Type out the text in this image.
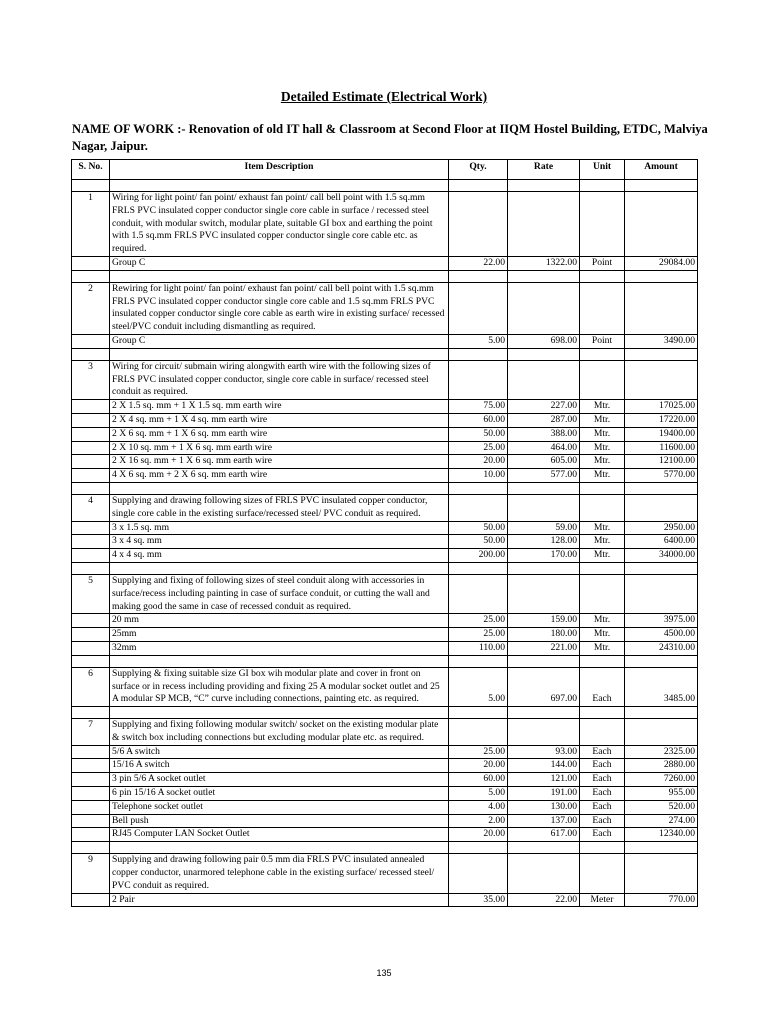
Detailed Estimate (Electrical Work)

NAME OF WORK :- Renovation of old IT hall & Classroom at Second Floor at IIQM Hostel Building, ETDC, Malviya Nagar, Jaipur.

S. No.	Item Description	Qty.	Rate	Unit	Amount

1	Wiring for light point/ fan point/ exhaust fan point/ call bell point with 1.5 sq.mm FRLS PVC insulated copper conductor single core cable in surface / recessed steel conduit, with modular switch, modular plate, suitable GI box and earthing the point with 1.5 sq.mm FRLS PVC insulated copper conductor single core cable etc. as required.				
	Group C	22.00	1322.00	Point	29084.00

2	Rewiring for light point/ fan point/ exhaust fan point/ call bell point with 1.5 sq.mm FRLS PVC insulated copper conductor single core cable and 1.5 sq.mm FRLS PVC insulated copper conductor single core cable as earth wire in existing surface/ recessed steel/PVC conduit including dismantling as required.				
	Group C	5.00	698.00	Point	3490.00

3	Wiring for circuit/ submain wiring alongwith earth wire with the following sizes of FRLS PVC insulated copper conductor, single core cable in surface/ recessed steel conduit as required.				
	2 X 1.5 sq. mm + 1 X 1.5 sq. mm earth wire	75.00	227.00	Mtr.	17025.00
	2 X 4 sq. mm + 1 X 4 sq. mm earth wire	60.00	287.00	Mtr.	17220.00
	2 X 6 sq. mm + 1 X 6 sq. mm earth wire	50.00	388.00	Mtr.	19400.00
	2 X 10 sq. mm + 1 X 6 sq. mm earth wire	25.00	464.00	Mtr.	11600.00
	2 X 16 sq. mm + 1 X 6 sq. mm earth wire	20.00	605.00	Mtr.	12100.00
	4 X 6 sq. mm + 2 X 6 sq. mm earth wire	10.00	577.00	Mtr.	5770.00

4	Supplying and drawing following sizes of FRLS PVC insulated copper conductor, single core cable in the existing surface/recessed steel/ PVC conduit as required.				
	3 x 1.5 sq. mm	50.00	59.00	Mtr.	2950.00
	3 x 4 sq. mm	50.00	128.00	Mtr.	6400.00
	4 x 4 sq. mm	200.00	170.00	Mtr.	34000.00

5	Supplying and fixing of following sizes of steel conduit along with accessories in surface/recess including painting in case of surface conduit, or cutting the wall and making good the same in case of recessed conduit as required.				
	20 mm	25.00	159.00	Mtr.	3975.00
	25mm	25.00	180.00	Mtr.	4500.00
	32mm	110.00	221.00	Mtr.	24310.00

6	Supplying & fixing suitable size GI box wih modular plate and cover in front on surface or in recess including providing and fixing 25 A modular socket outlet and 25 A modular SP MCB, “C” curve including connections, painting etc. as required.	5.00	697.00	Each	3485.00

7	Supplying and fixing following modular switch/ socket on the existing modular plate & switch box including connections but excluding modular plate etc. as required.				
	5/6 A switch	25.00	93.00	Each	2325.00
	15/16 A switch	20.00	144.00	Each	2880.00
	3 pin 5/6 A socket outlet	60.00	121.00	Each	7260.00
	6 pin 15/16 A socket outlet	5.00	191.00	Each	955.00
	Telephone socket outlet	4.00	130.00	Each	520.00
	Bell push	2.00	137.00	Each	274.00
	RJ45 Computer LAN Socket Outlet	20.00	617.00	Each	12340.00

9	Supplying and drawing following pair 0.5 mm dia FRLS PVC insulated annealed copper conductor, unarmored telephone cable in the existing surface/ recessed steel/ PVC conduit as required.				
	2 Pair	35.00	22.00	Meter	770.00
135
